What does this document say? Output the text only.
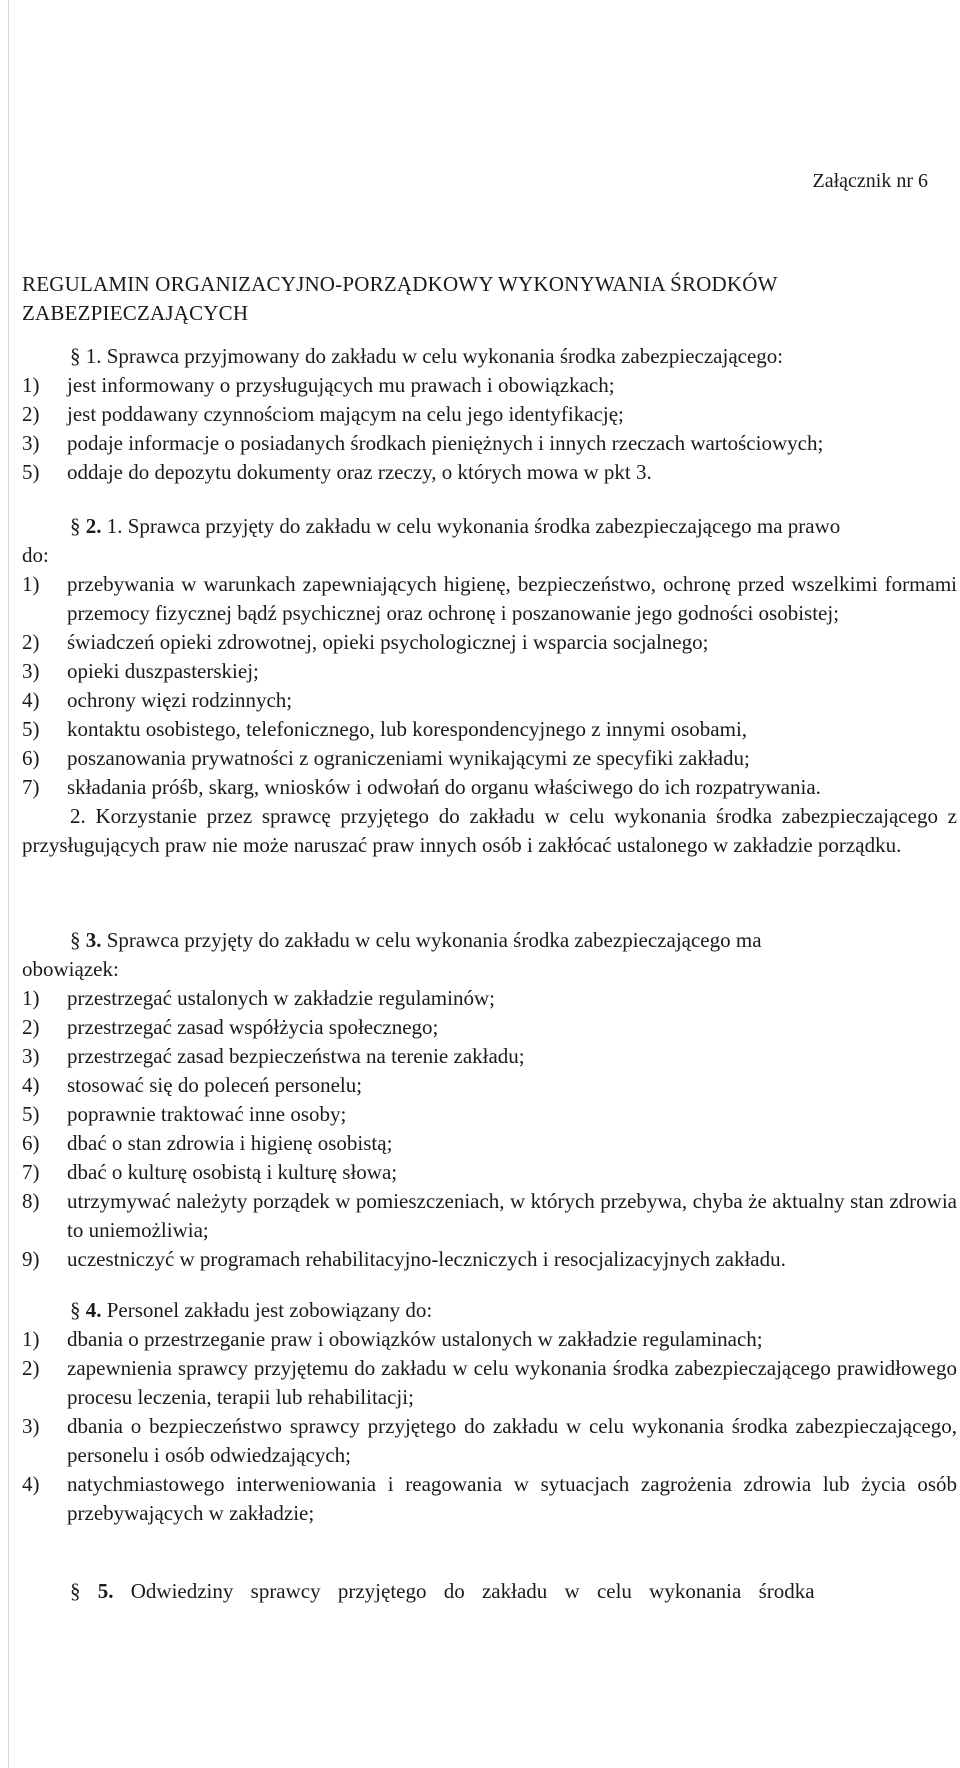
Załącznik nr 6
REGULAMIN ORGANIZACYJNO-PORZĄDKOWY WYKONYWANIA ŚRODKÓW ZABEZPIECZAJĄCYCH
§ 1. Sprawca przyjmowany do zakładu w celu wykonania środka zabezpieczającego:
1) jest informowany o przysługujących mu prawach i obowiązkach;
2) jest poddawany czynnościom mającym na celu jego identyfikację;
3) podaje informacje o posiadanych środkach pieniężnych i innych rzeczach wartościowych;
5) oddaje do depozytu dokumenty oraz rzeczy, o których mowa w pkt 3.
§ 2. 1. Sprawca przyjęty do zakładu w celu wykonania środka zabezpieczającego ma prawo
do:
1) przebywania w warunkach zapewniających higienę, bezpieczeństwo, ochronę przed wszelkimi formami przemocy fizycznej bądź psychicznej oraz ochronę i poszanowanie jego godności osobistej;
2) świadczeń opieki zdrowotnej, opieki psychologicznej i wsparcia socjalnego;
3) opieki duszpasterskiej;
4) ochrony więzi rodzinnych;
5) kontaktu osobistego, telefonicznego, lub korespondencyjnego z innymi osobami,
6) poszanowania prywatności z ograniczeniami wynikającymi ze specyfiki zakładu;
7) składania próśb, skarg, wniosków i odwołań do organu właściwego do ich rozpatrywania.
2. Korzystanie przez sprawcę przyjętego do zakładu w celu wykonania środka zabezpieczającego z przysługujących praw nie może naruszać praw innych osób i zakłócać ustalonego w zakładzie porządku.
§ 3. Sprawca przyjęty do zakładu w celu wykonania środka zabezpieczającego ma
obowiązek:
1) przestrzegać ustalonych w zakładzie regulaminów;
2) przestrzegać zasad współżycia społecznego;
3) przestrzegać zasad bezpieczeństwa na terenie zakładu;
4) stosować się do poleceń personelu;
5) poprawnie traktować inne osoby;
6) dbać o stan zdrowia i higienę osobistą;
7) dbać o kulturę osobistą i kulturę słowa;
8) utrzymywać należyty porządek w pomieszczeniach, w których przebywa, chyba że aktualny stan zdrowia to uniemożliwia;
9) uczestniczyć w programach rehabilitacyjno-leczniczych i resocjalizacyjnych zakładu.
§ 4. Personel zakładu jest zobowiązany do:
1) dbania o przestrzeganie praw i obowiązków ustalonych w zakładzie regulaminach;
2) zapewnienia sprawcy przyjętemu do zakładu w celu wykonania środka zabezpieczającego prawidłowego procesu leczenia, terapii lub rehabilitacji;
3) dbania o bezpieczeństwo sprawcy przyjętego do zakładu w celu wykonania środka zabezpieczającego, personelu i osób odwiedzających;
4) natychmiastowego interweniowania i reagowania w sytuacjach zagrożenia zdrowia lub życia osób przebywających w zakładzie;
§ 5. Odwiedziny sprawcy przyjętego do zakładu w celu wykonania środka
